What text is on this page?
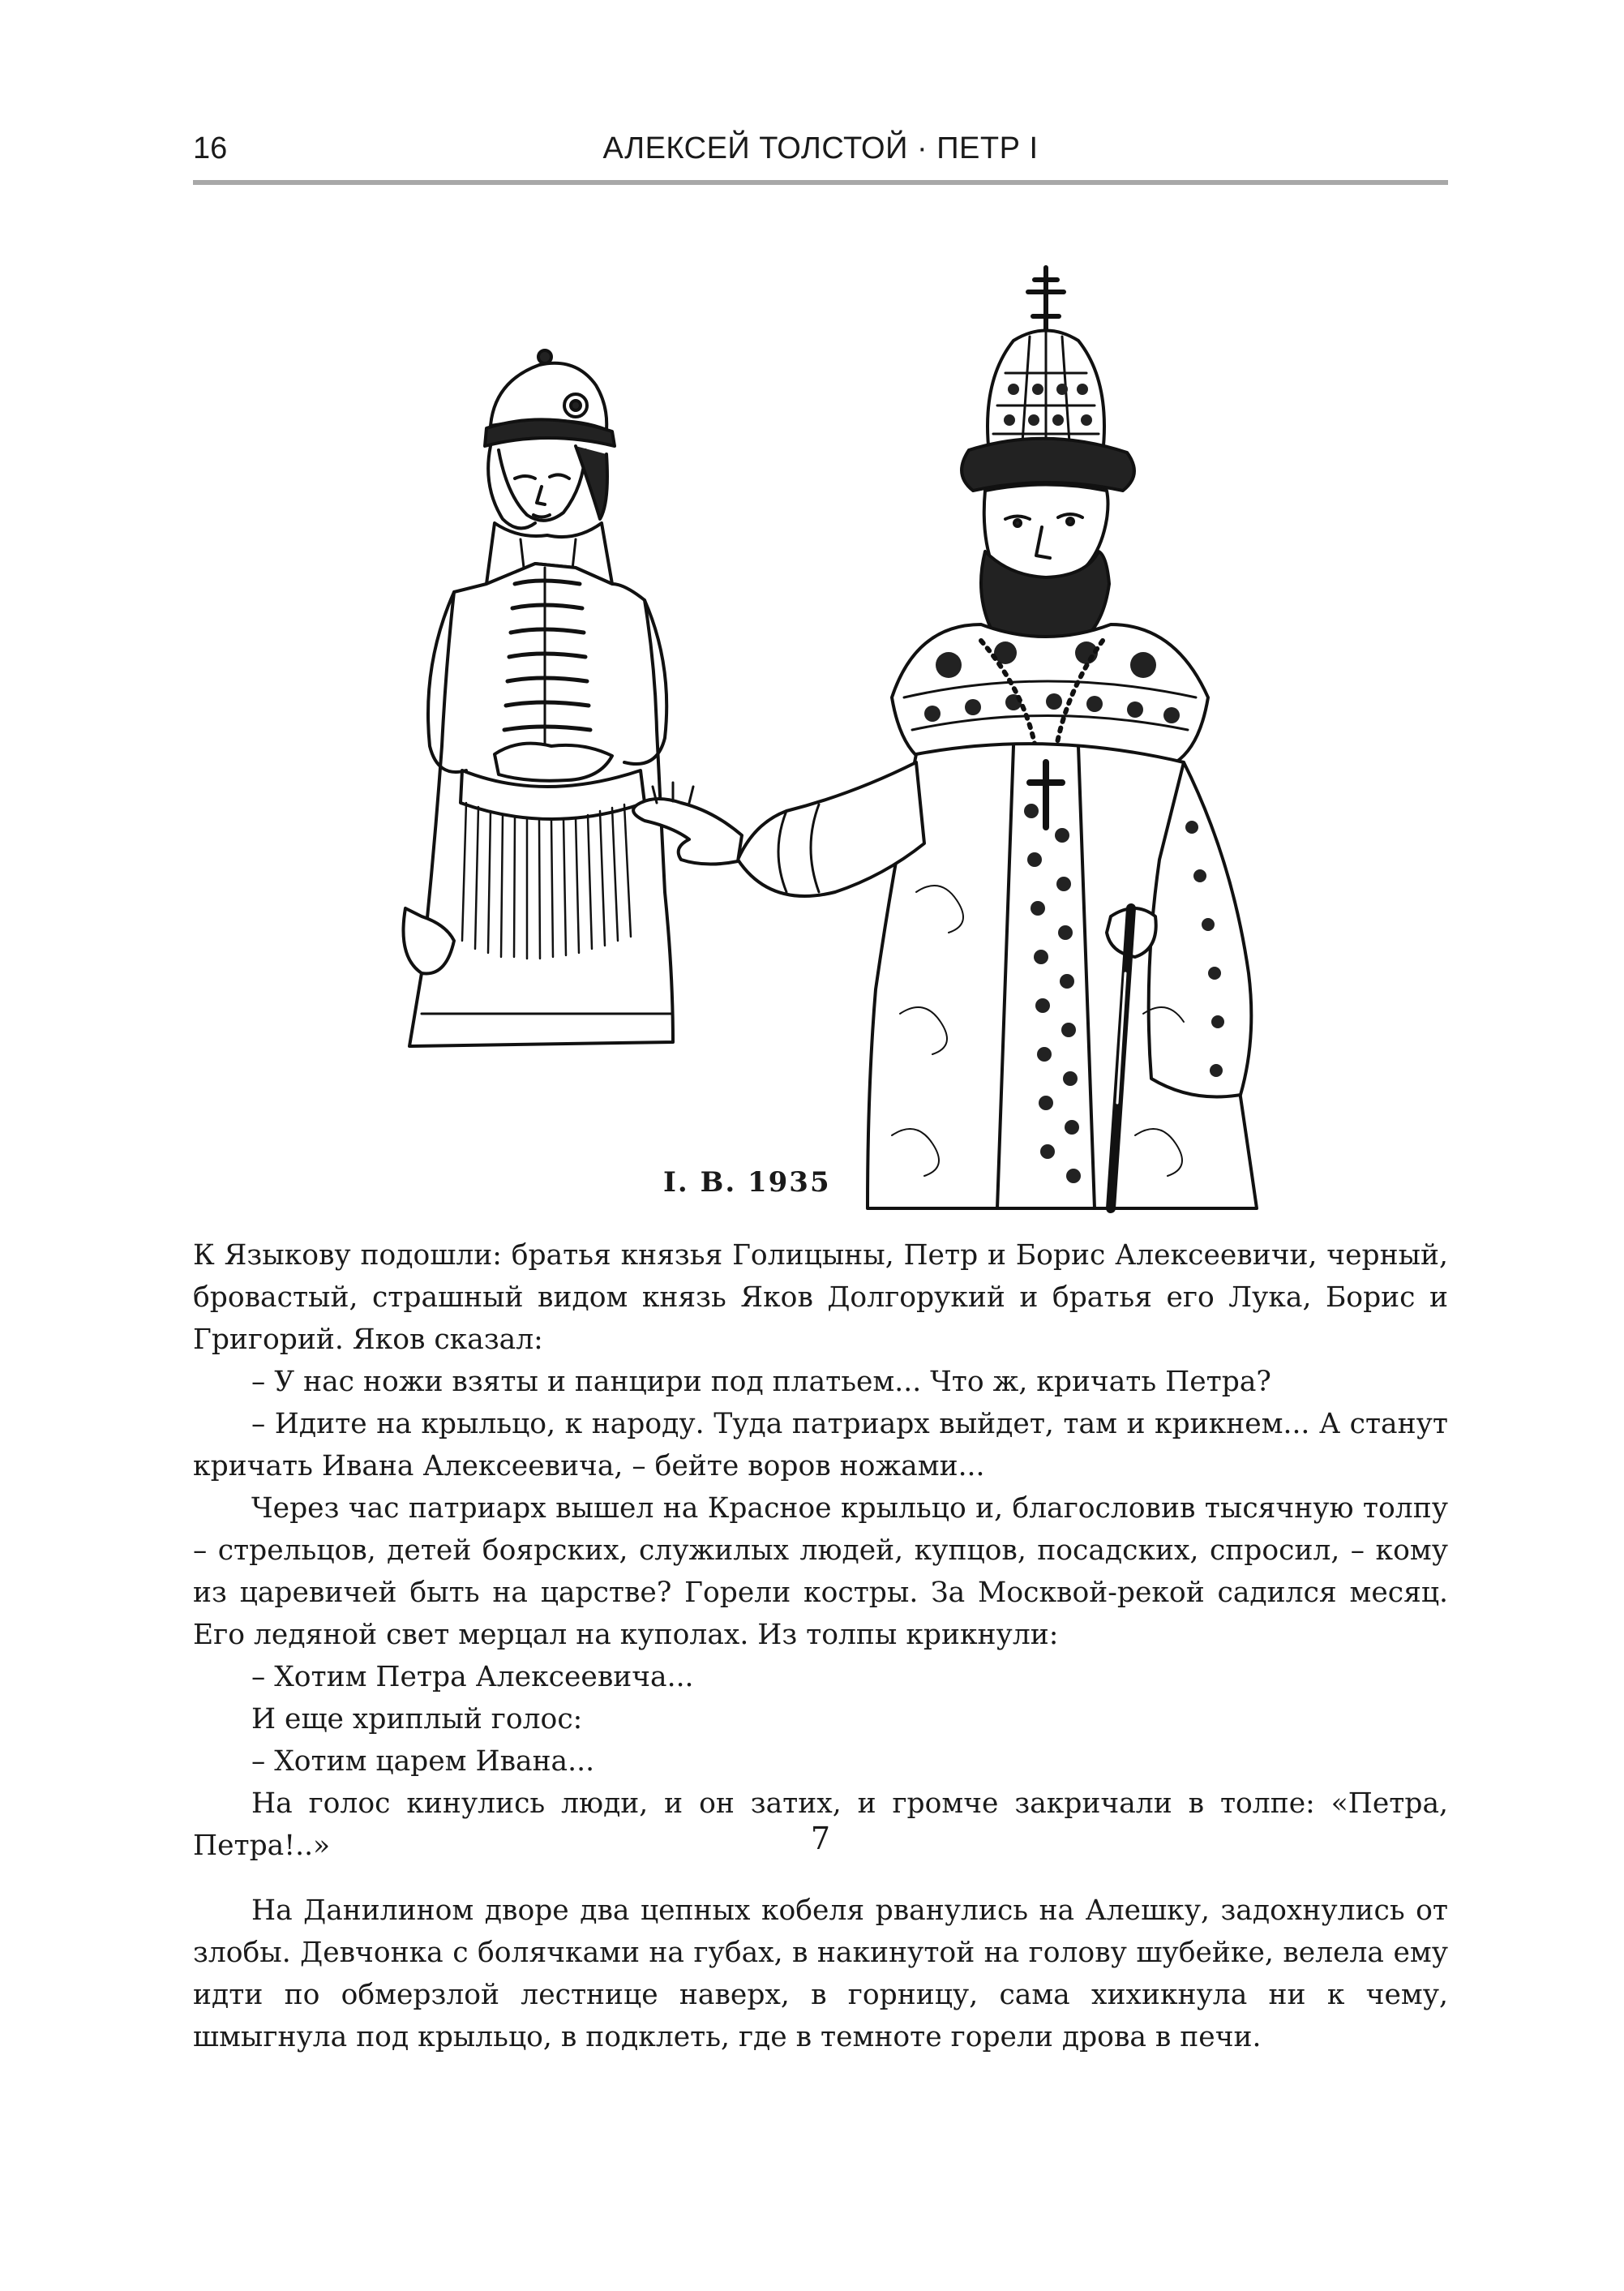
16	АЛЕКСЕЙ ТОЛСТОЙ · ПЕТР I
I. B. 1935

К Языкову подошли: братья князья Голицыны, Петр и Борис Алексеевичи, черный, бровастый, страшный видом князь Яков Долгорукий и братья его Лука, Борис и Григорий. Яков сказал:

– У нас ножи взяты и панцири под платьем... Что ж, кричать Петра?

– Идите на крыльцо, к народу. Туда патриарх выйдет, там и крикнем... А станут кричать Ивана Алексеевича, – бейте воров ножами...

Через час патриарх вышел на Красное крыльцо и, благословив тысячную толпу – стрельцов, детей боярских, служилых людей, купцов, посадских, спросил, – кому из царевичей быть на царстве? Горели костры. За Москвой-рекой садился месяц. Его ледяной свет мерцал на куполах. Из толпы крикнули:

– Хотим Петра Алексеевича...

И еще хриплый голос:

– Хотим царем Ивана...

На голос кинулись люди, и он затих, и громче закричали в толпе: «Петра, Петра!..»	7

На Данилином дворе два цепных кобеля рванулись на Алешку, задохнулись от злобы. Девчонка с болячками на губах, в накинутой на голову шубейке, велела ему идти по обмерзлой лестнице наверх, в горницу, сама хихикнула ни к чему, шмыгнула под крыльцо, в подклеть, где в темноте горели дрова в печи.
